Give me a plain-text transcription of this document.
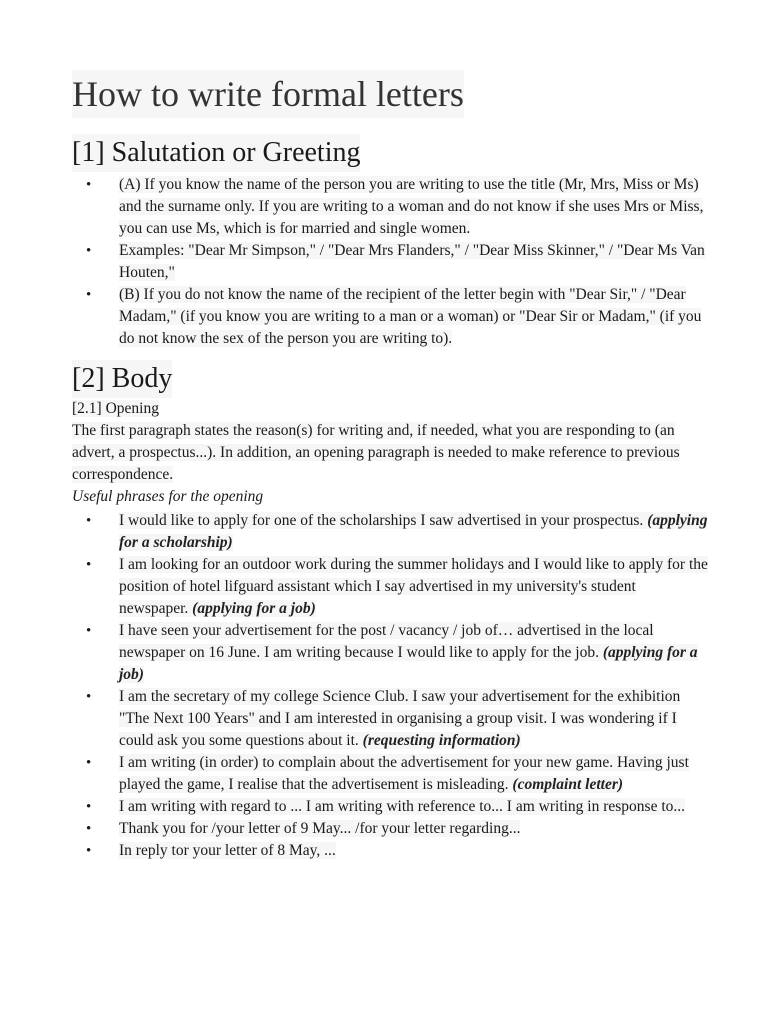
How to write formal letters
[1] Salutation or Greeting
• (A) If you know the name of the person you are writing to use the title (Mr, Mrs, Miss or Ms) and the surname only. If you are writing to a woman and do not know if she uses Mrs or Miss, you can use Ms, which is for married and single women.
• Examples: "Dear Mr Simpson," / "Dear Mrs Flanders," / "Dear Miss Skinner," / "Dear Ms Van Houten,"
• (B) If you do not know the name of the recipient of the letter begin with "Dear Sir," / "Dear Madam," (if you know you are writing to a man or a woman) or "Dear Sir or Madam," (if you do not know the sex of the person you are writing to).
[2] Body

[2.1] Opening

The first paragraph states the reason(s) for writing and, if needed, what you are responding to (an advert, a prospectus...). In addition, an opening paragraph is needed to make reference to previous correspondence.

Useful phrases for the opening

• I would like to apply for one of the scholarships I saw advertised in your prospectus. (applying for a scholarship)
• I am looking for an outdoor work during the summer holidays and I would like to apply for the position of hotel lifguard assistant which I say advertised in my university's student newspaper. (applying for a job)
• I have seen your advertisement for the post / vacancy / job of… advertised in the local newspaper on 16 June. I am writing because I would like to apply for the job. (applying for a job)
• I am the secretary of my college Science Club. I saw your advertisement for the exhibition "The Next 100 Years" and I am interested in organising a group visit. I was wondering if I could ask you some questions about it. (requesting information)
• I am writing (in order) to complain about the advertisement for your new game. Having just played the game, I realise that the advertisement is misleading. (complaint letter)
• I am writing with regard to ... I am writing with reference to... I am writing in response to...
• Thank you for /your letter of 9 May... /for your letter regarding...
• In reply tor your letter of 8 May, ...
